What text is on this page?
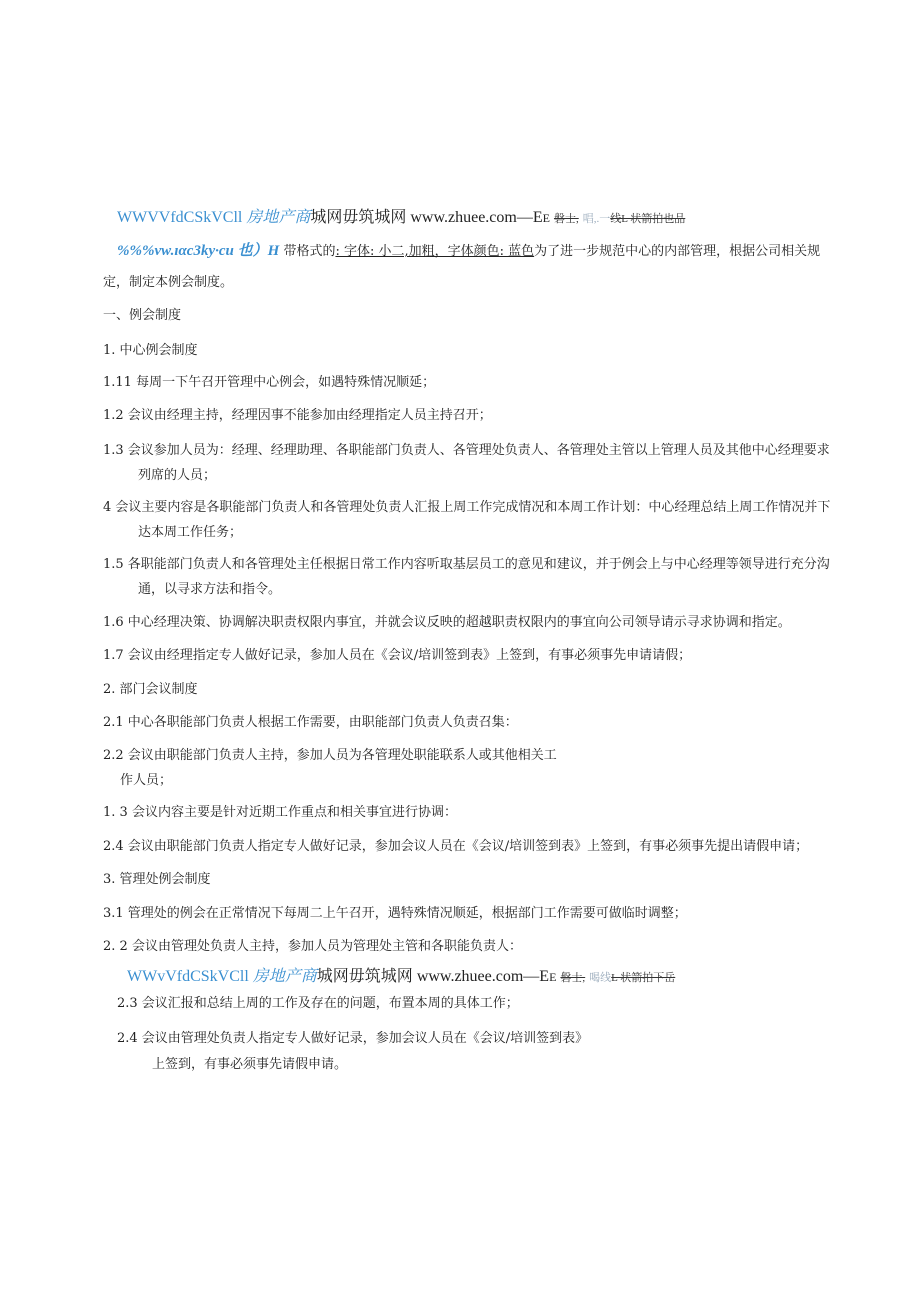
WWVVfdCSkVCll 房地产商城网毋筑城网 www.zhuee.com—EE 磐士, 唱,.一线L 状箭拍也品
%%%vw.ıαc3ky·cu 也）H 带格式的: 字体: 小二,加粗，字体颜色: 蓝色为了进一步规范中心的内部管理，根据公司相关规
定，制定本例会制度。
一、例会制度
1. 中心例会制度
1.11 每周一下午召开管理中心例会，如遇特殊情况顺延；
1.2 会议由经理主持，经理因事不能参加由经理指定人员主持召开；
1.3 会议参加人员为：经理、经理助理、各职能部门负责人、各管理处负责人、各管理处主管以上管理人员及其他中心经理要求
列席的人员；
4 会议主要内容是各职能部门负责人和各管理处负责人汇报上周工作完成情况和本周工作计划：中心经理总结上周工作情况并下
达本周工作任务；
1.5 各职能部门负责人和各管理处主任根据日常工作内容听取基层员工的意见和建议，并于例会上与中心经理等领导进行充分沟
通，以寻求方法和指令。
1.6 中心经理决策、协调解决职责权限内事宜，并就会议反映的超越职责权限内的事宜向公司领导请示寻求协调和指定。
1.7 会议由经理指定专人做好记录，参加人员在《会议/培训签到表》上签到，有事必须事先申请请假；
2. 部门会议制度
2.1 中心各职能部门负责人根据工作需要，由职能部门负责人负责召集：
2.2 会议由职能部门负责人主持，参加人员为各管理处职能联系人或其他相关工
作人员；
1. 3 会议内容主要是针对近期工作重点和相关事宜进行协调：
2.4 会议由职能部门负责人指定专人做好记录，参加会议人员在《会议/培训签到表》上签到，有事必须事先提出请假申请；
3. 管理处例会制度
3.1 管理处的例会在正常情况下每周二上午召开，遇特殊情况顺延，根据部门工作需要可做临时调整；
2. 2 会议由管理处负责人主持，参加人员为管理处主管和各职能负责人：
WWvVfdCSkVCll 房地产商城网毋筑城网 www.zhuee.com—EE 磐士, 喝线L 状箭拍下岳
2.3 会议汇报和总结上周的工作及存在的问题，布置本周的具体工作；
2.4 会议由管理处负责人指定专人做好记录，参加会议人员在《会议/培训签到表》
上签到，有事必须事先请假申请。
